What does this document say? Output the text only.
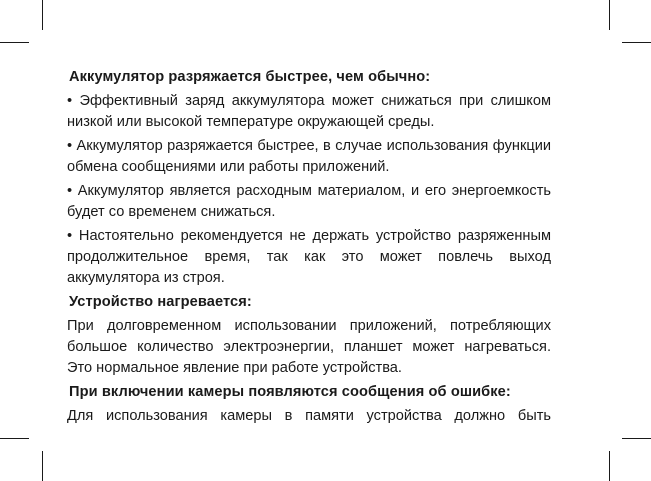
Аккумулятор разряжается быстрее, чем обычно:

• Эффективный заряд аккумулятора может снижаться при слишком низкой или высокой температуре окружающей среды.

• Аккумулятор разряжается быстрее, в случае использования функции обмена сообщениями или работы приложений.

• Аккумулятор является расходным материалом, и его энергоемкость будет со временем снижаться.

• Настоятельно рекомендуется не держать устройство разряженным продолжительное время, так как это может повлечь выход аккумулятора из строя.

Устройство нагревается:

При долговременном использовании приложений, потребляющих большое количество электроэнергии, планшет может нагреваться. Это нормальное явление при работе устройства.

При включении камеры появляются сообщения об ошибке:

Для использования камеры в памяти устройства должно быть
